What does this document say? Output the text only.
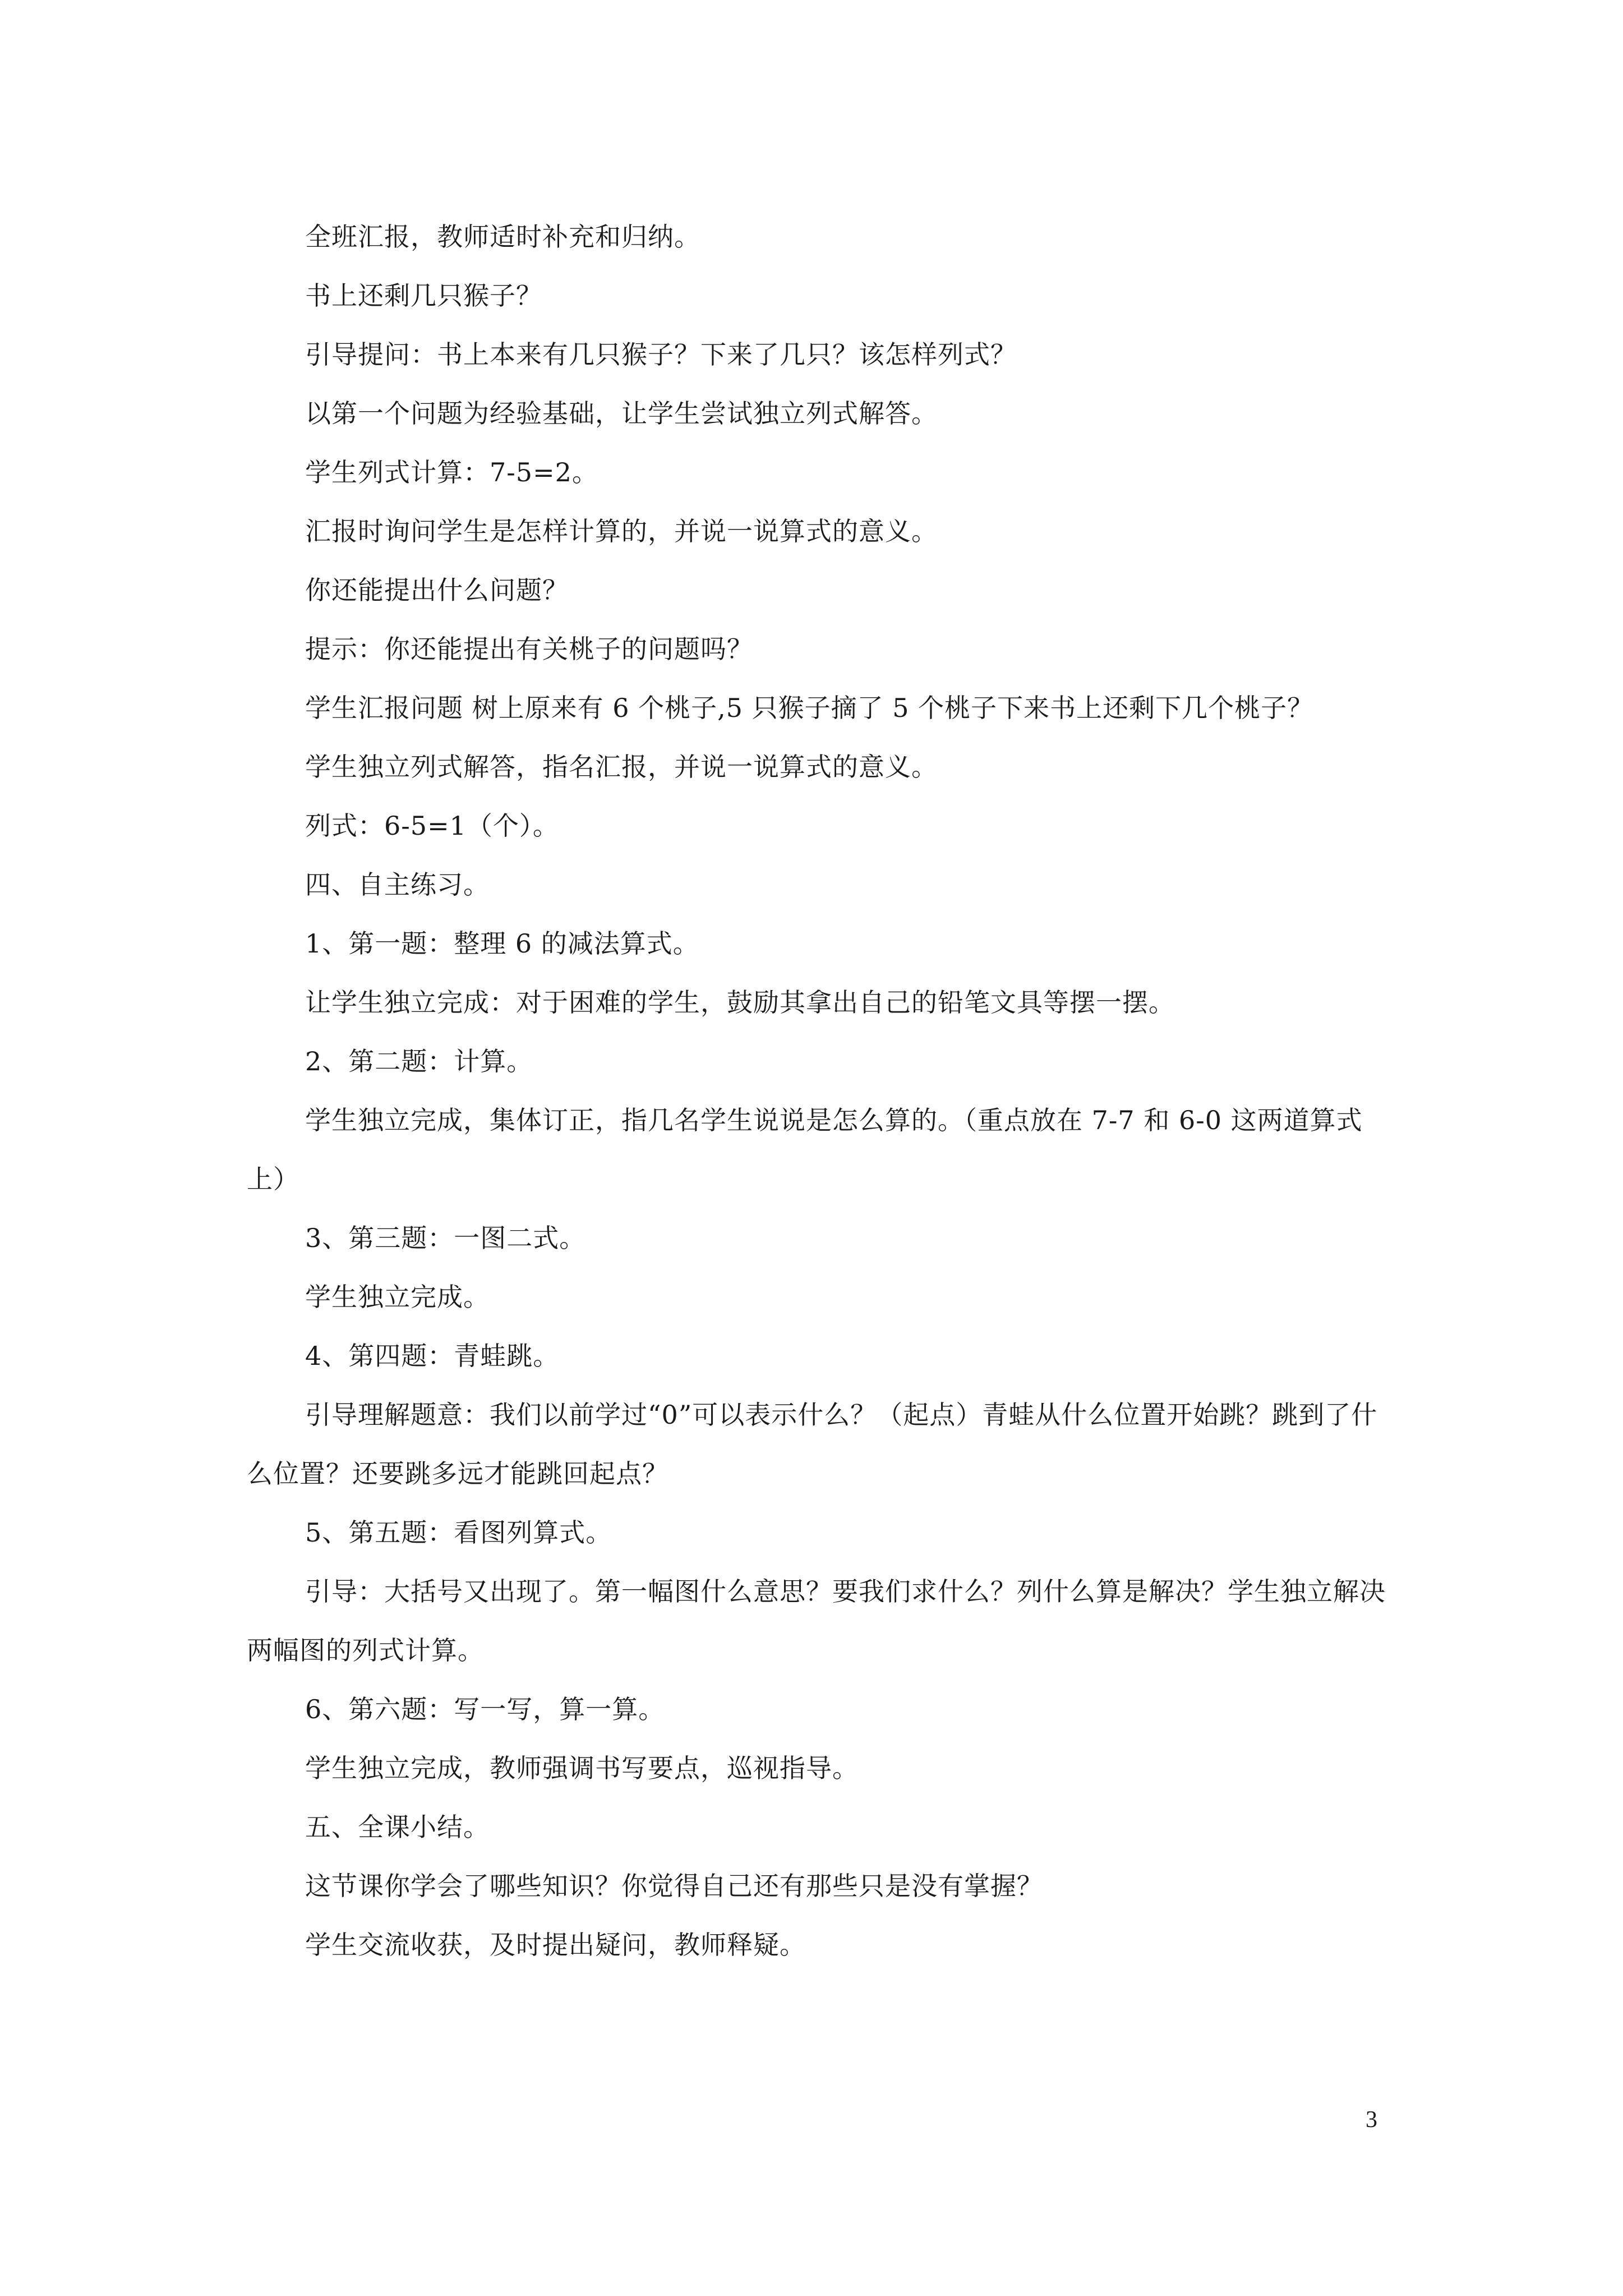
全班汇报，教师适时补充和归纳。

书上还剩几只猴子？

引导提问：书上本来有几只猴子？下来了几只？该怎样列式？

以第一个问题为经验基础，让学生尝试独立列式解答。

学生列式计算：7-5=2。

汇报时询问学生是怎样计算的，并说一说算式的意义。

你还能提出什么问题？

提示：你还能提出有关桃子的问题吗？

学生汇报问题 树上原来有 6 个桃子,5 只猴子摘了 5 个桃子下来书上还剩下几个桃子？

学生独立列式解答，指名汇报，并说一说算式的意义。

列式：6-5=1（个）。

四、自主练习。

1、第一题：整理 6 的减法算式。

让学生独立完成：对于困难的学生，鼓励其拿出自己的铅笔文具等摆一摆。

2、第二题：计算。

学生独立完成，集体订正，指几名学生说说是怎么算的。（重点放在 7-7 和 6-0 这两道算式上）

3、第三题：一图二式。

学生独立完成。

4、第四题：青蛙跳。

引导理解题意：我们以前学过“0”可以表示什么？（起点）青蛙从什么位置开始跳？跳到了什么位置？还要跳多远才能跳回起点？

5、第五题：看图列算式。

引导：大括号又出现了。第一幅图什么意思？要我们求什么？列什么算是解决？学生独立解决两幅图的列式计算。

6、第六题：写一写，算一算。

学生独立完成，教师强调书写要点，巡视指导。

五、全课小结。

这节课你学会了哪些知识？你觉得自己还有那些只是没有掌握？

学生交流收获，及时提出疑问，教师释疑。

3
